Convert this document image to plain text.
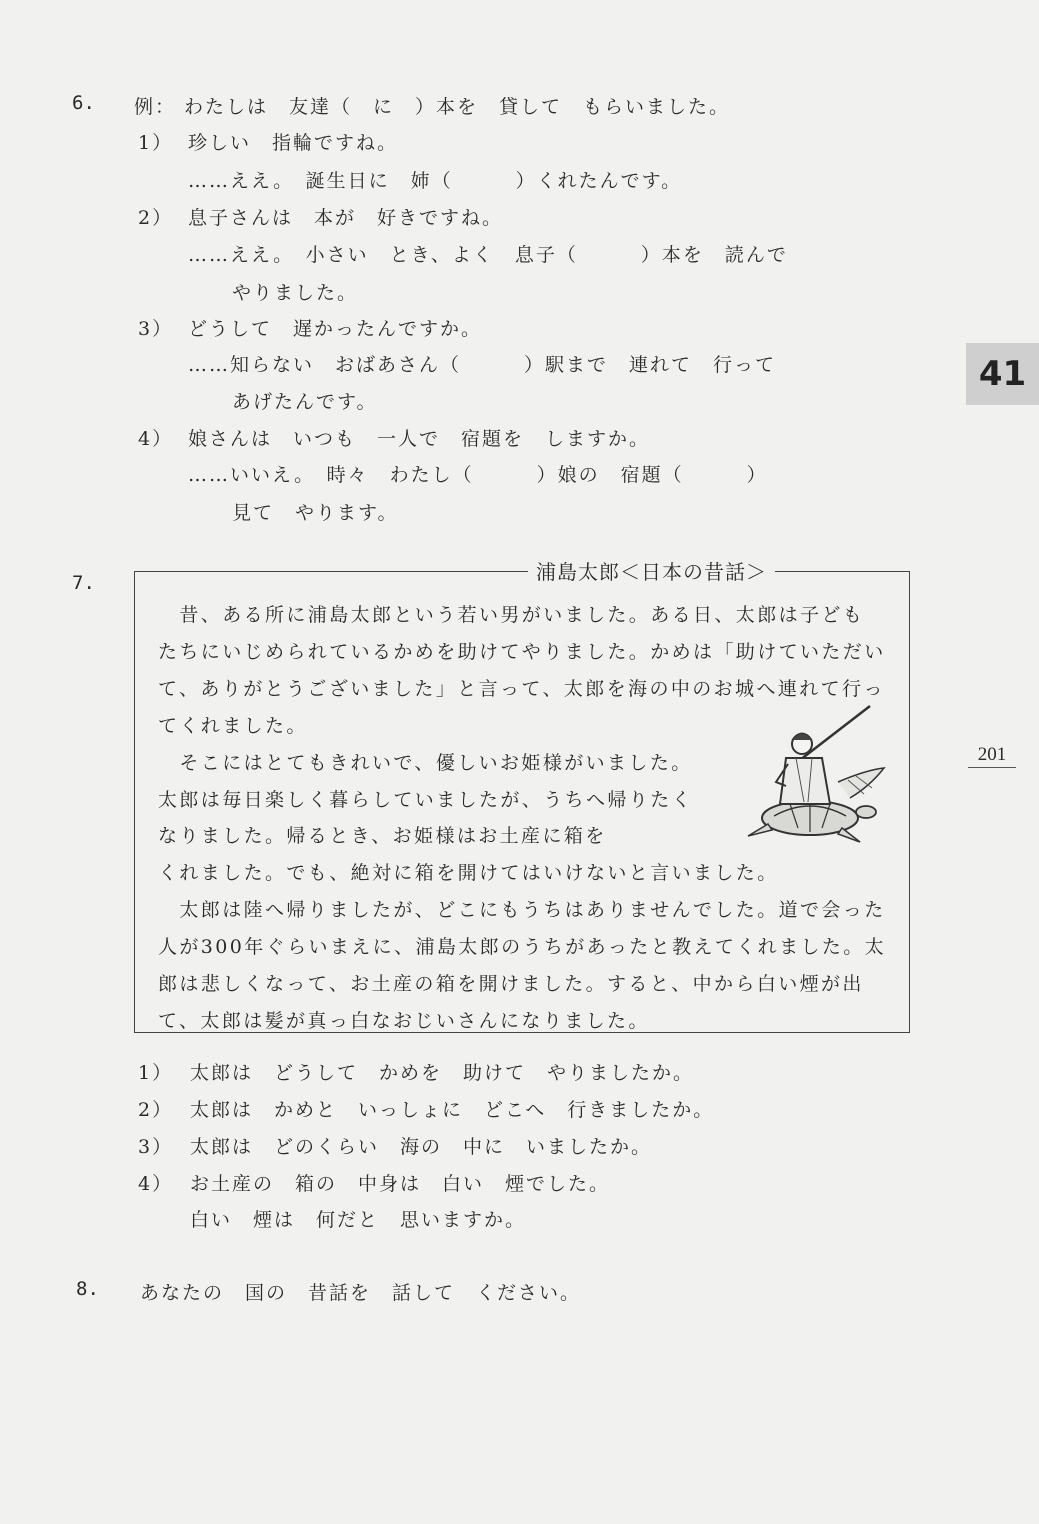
41
201
6. 例： わたしは　友達（　に　）本を　貸して　もらいました。
1） 珍しい　指輪ですね。
……ええ。　誕生日に　姉（　　　）くれたんです。
2） 息子さんは　本が　好きですね。
……ええ。　小さい　とき、よく　息子（　　　）本を　読んで
やりました。
3） どうして　遅かったんですか。
……知らない　おばあさん（　　　）駅まで　連れて　行って
あげたんです。
4） 娘さんは　いつも　一人で　宿題を　しますか。
……いいえ。　時々　わたし（　　　）娘の　宿題（　　　）
見て　やります。
7.	浦島太郎＜日本の昔話＞
　昔、ある所に浦島太郎という若い男がいました。ある日、太郎は子ども
たちにいじめられているかめを助けてやりました。かめは「助けていただい
て、ありがとうございました」と言って、太郎を海の中のお城へ連れて行っ
てくれました。
　そこにはとてもきれいで、優しいお姫様がいました。
太郎は毎日楽しく暮らしていましたが、うちへ帰りたく
なりました。帰るとき、お姫様はお土産に箱を
くれました。でも、絶対に箱を開けてはいけないと言いました。
　太郎は陸へ帰りましたが、どこにもうちはありませんでした。道で会った
人が300年ぐらいまえに、浦島太郎のうちがあったと教えてくれました。太
郎は悲しくなって、お土産の箱を開けました。すると、中から白い煙が出
て、太郎は髪が真っ白なおじいさんになりました。
1） 太郎は　どうして　かめを　助けて　やりましたか。
2） 太郎は　かめと　いっしょに　どこへ　行きましたか。
3） 太郎は　どのくらい　海の　中に　いましたか。
4） お土産の　箱の　中身は　白い　煙でした。
白い　煙は　何だと　思いますか。
8. あなたの　国の　昔話を　話して　ください。
